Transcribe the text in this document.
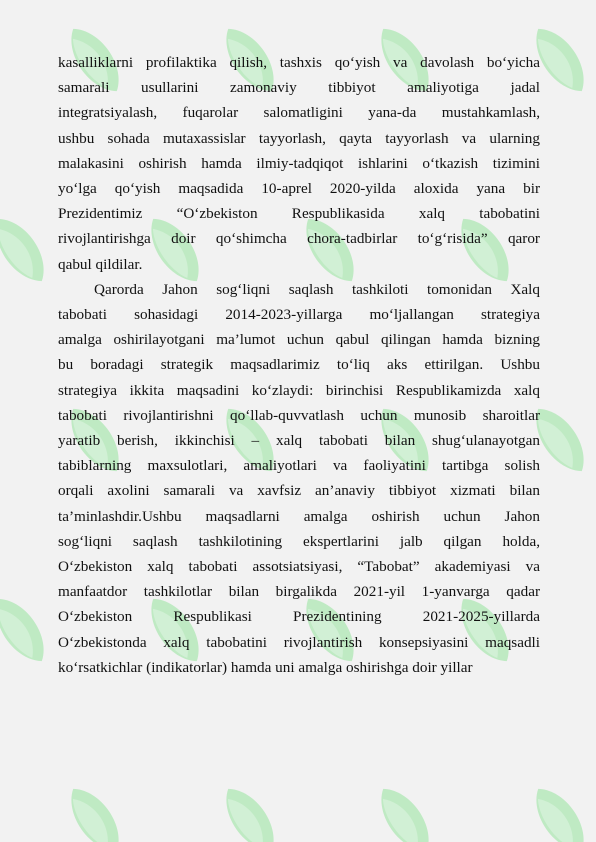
kasalliklarni profilaktika qilish, tashxis qo‘yish va davolash bo‘yicha
samarali usullarini zamonaviy tibbiyot amaliyotiga jadal
integratsiyalash, fuqarolar salomatligini yana-da mustahkamlash,
ushbu sohada mutaxassislar tayyorlash, qayta tayyorlash va ularning
malakasini oshirish hamda ilmiy-tadqiqot ishlarini o‘tkazish tizimini
yo‘lga qo‘yish maqsadida 10-aprel 2020-yilda aloxida yana bir
Prezidentimiz “O‘zbekiston Respublikasida xalq tabobatini
rivojlantirishga doir qo‘shimcha chora-tadbirlar to‘g‘risida” qaror
qabul qildilar.
Qarorda Jahon sog‘liqni saqlash tashkiloti tomonidan Xalq
tabobati sohasidagi 2014-2023-yillarga mo‘ljallangan strategiya
amalga oshirilayotgani ma’lumot uchun qabul qilingan hamda bizning
bu boradagi strategik maqsadlarimiz to‘liq aks ettirilgan. Ushbu
strategiya ikkita maqsadini ko‘zlaydi: birinchisi Respublikamizda xalq
tabobati rivojlantirishni qo‘llab-quvvatlash uchun munosib sharoitlar
yaratib berish, ikkinchisi – xalq tabobati bilan shug‘ulanayotgan
tabiblarning maxsulotlari, amaliyotlari va faoliyatini tartibga solish
orqali axolini samarali va xavfsiz an’anaviy tibbiyot xizmati bilan
ta’minlashdir.Ushbu maqsadlarni amalga oshirish uchun Jahon
sog‘liqni saqlash tashkilotining ekspertlarini jalb qilgan holda,
O‘zbekiston xalq tabobati assotsiatsiyasi, “Tabobat” akademiyasi va
manfaatdor tashkilotlar bilan birgalikda 2021-yil 1-yanvarga qadar
O‘zbekiston Respublikasi Prezidentining 2021-2025-yillarda
O‘zbekistonda xalq tabobatini rivojlantirish konsepsiyasini maqsadli
ko‘rsatkichlar (indikatorlar) hamda uni amalga oshirishga doir yillar
